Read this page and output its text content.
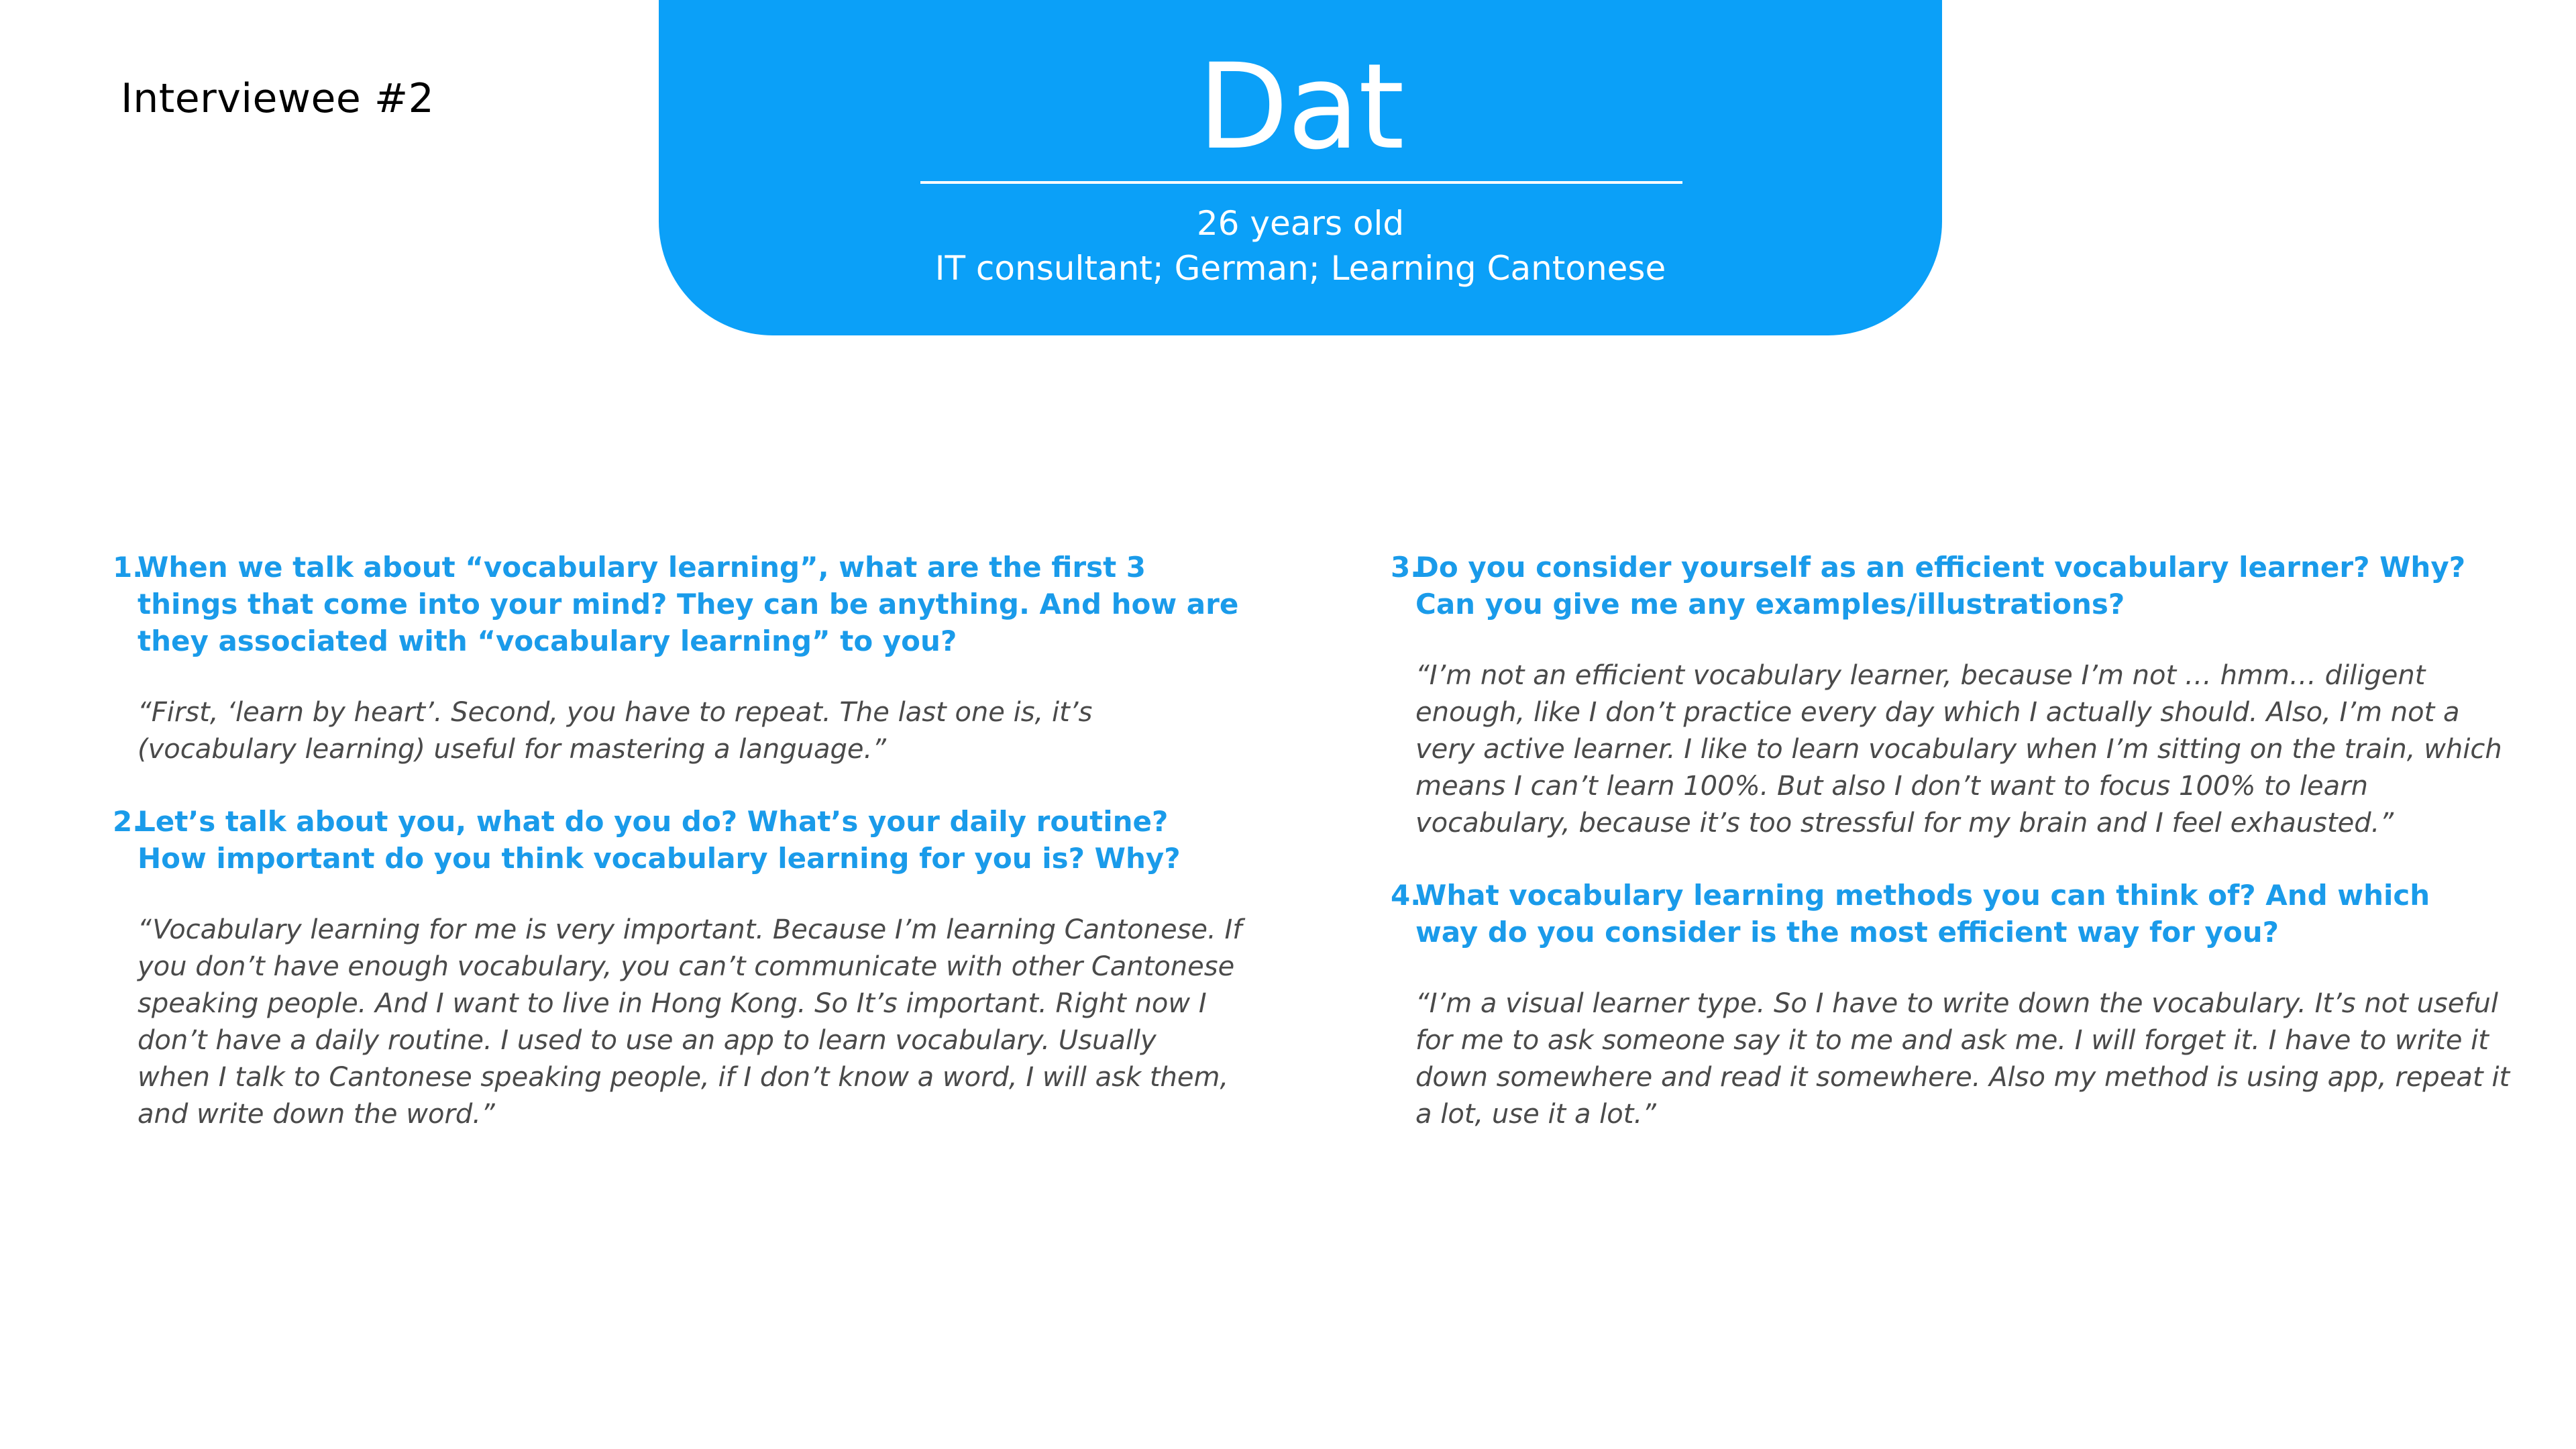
Interviewee #2	Dat
26 years old
IT consultant; German; Learning Cantonese
1.
When we talk about “vocabulary learning”, what are the first 3
things that come into your mind? They can be anything. And how are
they associated with “vocabulary learning” to you?
“First, ‘learn by heart’. Second, you have to repeat. The last one is, it’s
(vocabulary learning) useful for mastering a language.”
2.
Let’s talk about you, what do you do? What’s your daily routine?
How important do you think vocabulary learning for you is? Why?
“Vocabulary learning for me is very important. Because I’m learning Cantonese. If
you don’t have enough vocabulary, you can’t communicate with other Cantonese
speaking people. And I want to live in Hong Kong. So It’s important. Right now I
don’t have a daily routine. I used to use an app to learn vocabulary. Usually
when I talk to Cantonese speaking people, if I don’t know a word, I will ask them,
and write down the word.”
3.
Do you consider yourself as an efficient vocabulary learner? Why?
Can you give me any examples/illustrations?
“I’m not an efficient vocabulary learner, because I’m not … hmm… diligent
enough, like I don’t practice every day which I actually should. Also, I’m not a
very active learner. I like to learn vocabulary when I’m sitting on the train, which
means I can’t learn 100%. But also I don’t want to focus 100% to learn
vocabulary, because it’s too stressful for my brain and I feel exhausted.”
4.
What vocabulary learning methods you can think of? And which
way do you consider is the most efficient way for you?
“I’m a visual learner type. So I have to write down the vocabulary. It’s not useful
for me to ask someone say it to me and ask me. I will forget it. I have to write it
down somewhere and read it somewhere. Also my method is using app, repeat it
a lot, use it a lot.”
